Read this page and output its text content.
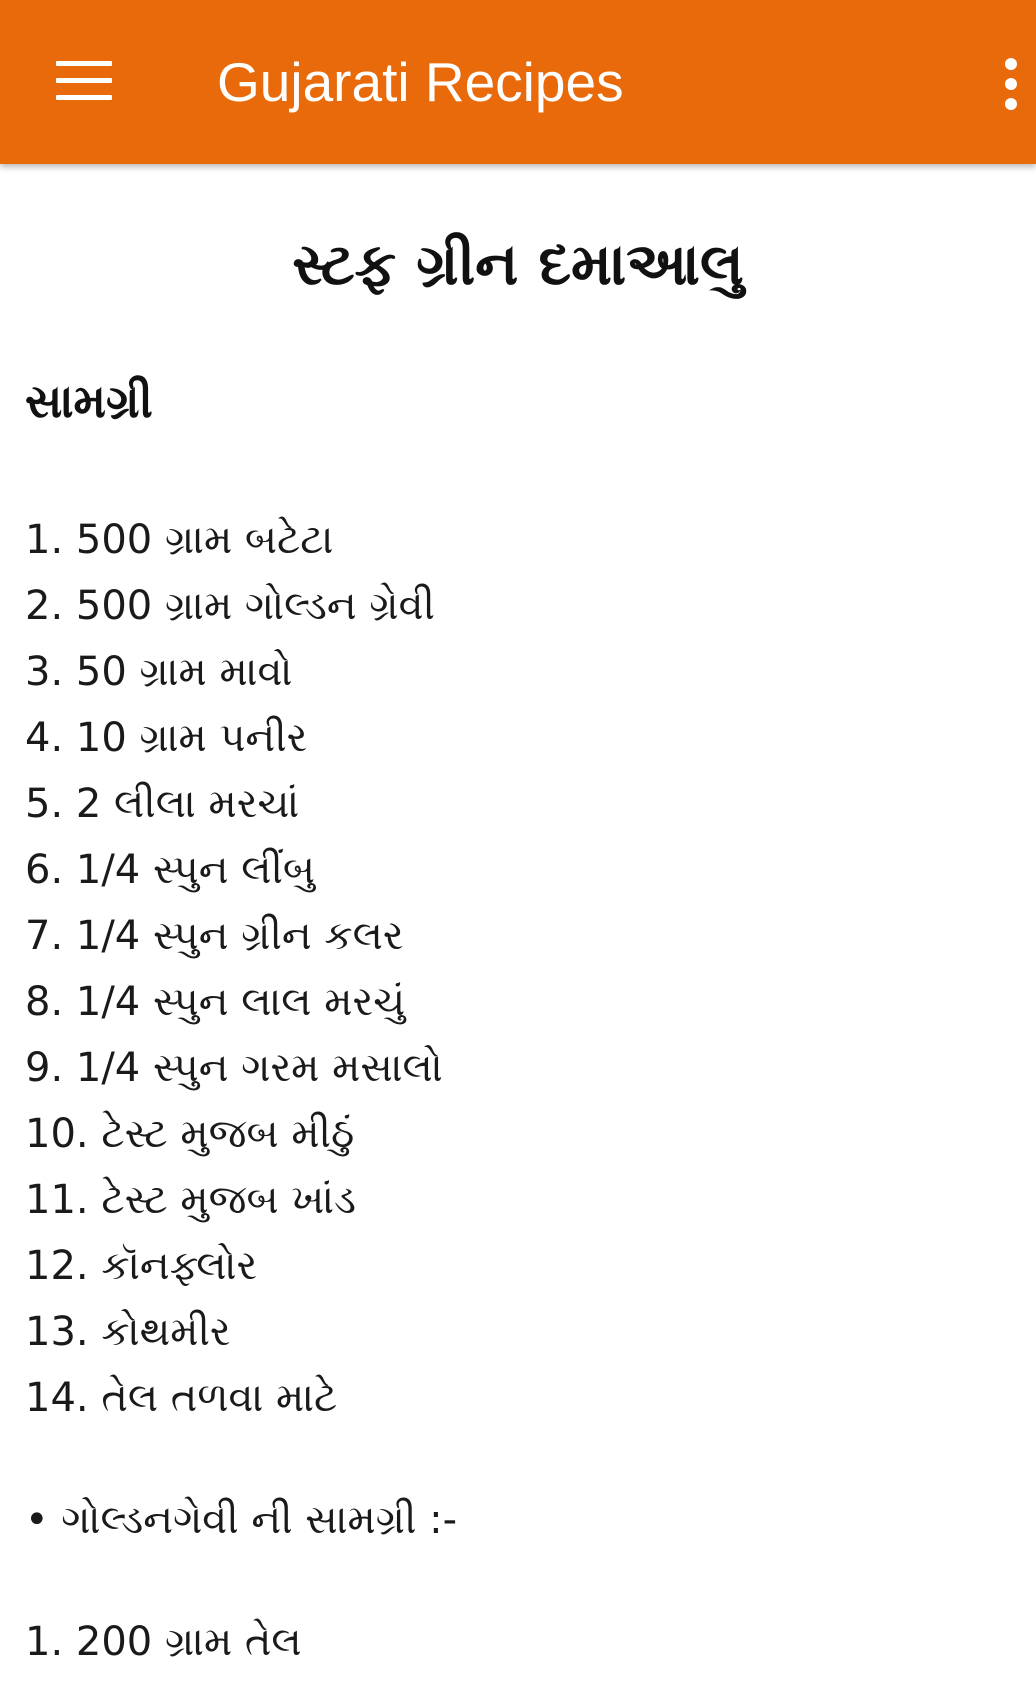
Gujarati Recipes
સ્ટફ ગ્રીન દમાઆલુ
સામગ્રી
1. 500 ગ્રામ બટેટા
2. 500 ગ્રામ ગોલ્ડન ગ્રેવી
3. 50 ગ્રામ માવો
4. 10 ગ્રામ પનીર
5. 2 લીલા મરચાં
6. 1/4 સ્પુન લીંબુ
7. 1/4 સ્પુન ગ્રીન કલર
8. 1/4 સ્પુન લાલ મરચું
9. 1/4 સ્પુન ગરમ મસાલો
10. ટેસ્ટ મુજબ મીઠું
11. ટેસ્ટ મુજબ ખાંડ
12. કૉનફ્લોર
13. કોથમીર
14. તેલ તળવા માટે
• ગોલ્ડનગેવી ની સામગ્રી :-
1. 200 ગ્રામ તેલ
